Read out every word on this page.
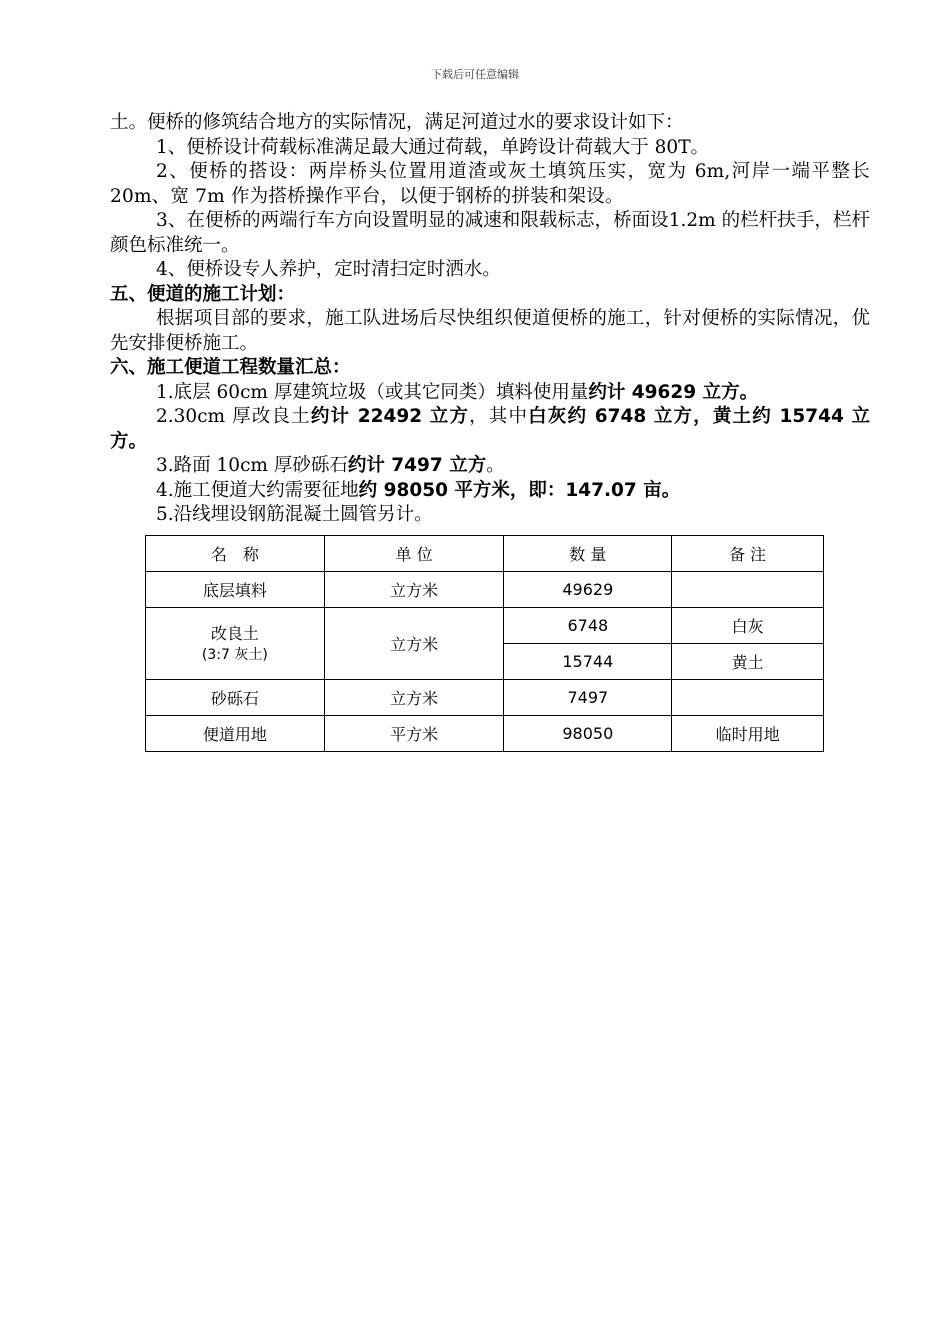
下载后可任意编辑

土。便桥的修筑结合地方的实际情况，满足河道过水的要求设计如下：

1、便桥设计荷载标准满足最大通过荷载，单跨设计荷载大于 80T。

2、便桥的搭设：两岸桥头位置用道渣或灰土填筑压实，宽为 6m,河岸一端平整长 20m、宽 7m 作为搭桥操作平台，以便于钢桥的拼装和架设。

3、在便桥的两端行车方向设置明显的减速和限载标志，桥面设1.2m 的栏杆扶手，栏杆颜色标准统一。

4、便桥设专人养护，定时清扫定时洒水。

五、便道的施工计划：

根据项目部的要求，施工队进场后尽快组织便道便桥的施工，针对便桥的实际情况，优先安排便桥施工。

六、施工便道工程数量汇总：

1.底层 60cm 厚建筑垃圾（或其它同类）填料使用量约计 49629 立方。

2.30cm 厚改良土约计 22492 立方，其中白灰约 6748 立方，黄土约 15744 立方。

3.路面 10cm 厚砂砾石约计 7497 立方。

4.施工便道大约需要征地约 98050 平方米，即：147.07 亩。

5.沿线埋设钢筋混凝土圆管另计。

名　称	单 位	数 量	备 注
底层填料	立方米	49629	

改良土
(3:7 灰土)	立方米	6748	白灰
		15744	黄土
砂砾石	立方米	7497	
便道用地	平方米	98050	临时用地
